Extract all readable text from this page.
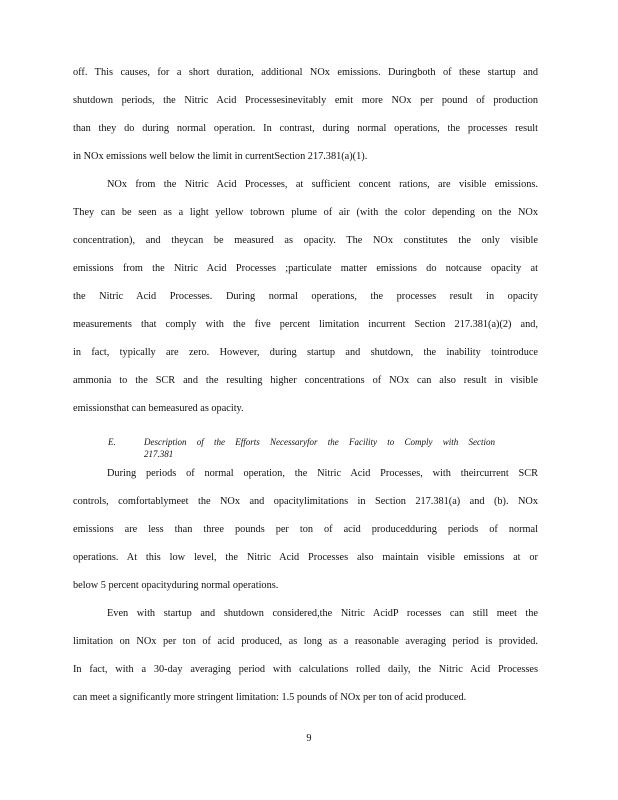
off. This causes, for a short duration, additional NOx emissions. Duringboth of these startup and
shutdown periods, the Nitric Acid Processesinevitably emit more NOx per pound of production
than they do during normal operation. In contrast, during normal operations, the processes result
in NOx emissions well below the limit in currentSection 217.381(a)(1).
NOx from the Nitric Acid Processes, at sufficient concent rations, are visible emissions.
They can be seen as a light yellow tobrown plume of air (with the color depending on the NOx
concentration), and theycan be measured as opacity. The NOx constitutes the only visible
emissions from the Nitric Acid Processes ;particulate matter emissions do notcause opacity at
the Nitric Acid Processes. During normal operations, the processes result in opacity
measurements that comply with the five percent limitation incurrent Section 217.381(a)(2) and,
in fact, typically are zero. However, during startup and shutdown, the inability tointroduce
ammonia to the SCR and the resulting higher concentrations of NOx can also result in visible
emissionsthat can bemeasured as opacity.
E.	Description of the Efforts Necessaryfor the Facility to Comply with Section
217.381
During periods of normal operation, the Nitric Acid Processes, with theircurrent SCR
controls, comfortablymeet the NOx and opacitylimitations in Section 217.381(a) and (b). NOx
emissions are less than three pounds per ton of acid producedduring periods of normal
operations. At this low level, the Nitric Acid Processes also maintain visible emissions at or
below 5 percent opacityduring normal operations.
Even with startup and shutdown considered,the Nitric AcidP rocesses can still meet the
limitation on NOx per ton of acid produced, as long as a reasonable averaging period is provided.
In fact, with a 30-day averaging period with calculations rolled daily, the Nitric Acid Processes
can meet a significantly more stringent limitation: 1.5 pounds of NOx per ton of acid produced.
9
